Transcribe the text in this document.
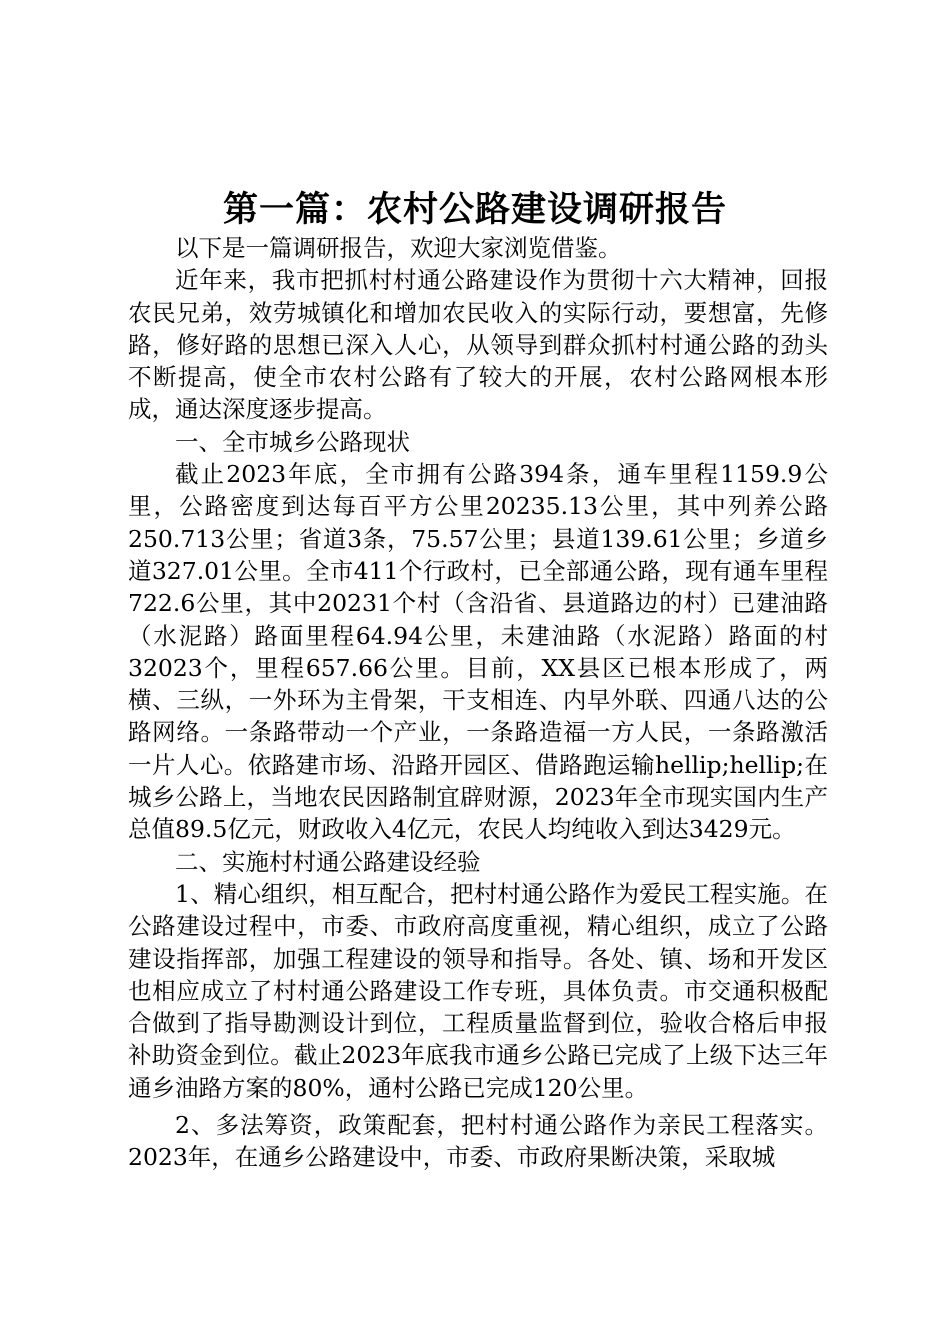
第一篇：农村公路建设调研报告

以下是一篇调研报告，欢迎大家浏览借鉴。

近年来，我市把抓村村通公路建设作为贯彻十六大精神，回报农民兄弟，效劳城镇化和增加农民收入的实际行动，要想富，先修路，修好路的思想已深入人心，从领导到群众抓村村通公路的劲头不断提高，使全市农村公路有了较大的开展，农村公路网根本形成，通达深度逐步提高。

一、全市城乡公路现状

截止2023年底，全市拥有公路394条，通车里程1159.9公里，公路密度到达每百平方公里20235.13公里，其中列养公路250.713公里；省道3条，75.57公里；县道139.61公里；乡道乡道327.01公里。全市411个行政村，已全部通公路，现有通车里程722.6公里，其中20231个村（含沿省、县道路边的村）已建油路（水泥路）路面里程64.94公里，未建油路（水泥路）路面的村32023个，里程657.66公里。目前，XX县区已根本形成了，两横、三纵，一外环为主骨架，干支相连、内早外联、四通八达的公路网络。一条路带动一个产业，一条路造福一方人民，一条路激活一片人心。依路建市场、沿路开园区、借路跑运输hellip;hellip;在城乡公路上，当地农民因路制宜辟财源，2023年全市现实国内生产总值89.5亿元，财政收入4亿元，农民人均纯收入到达3429元。

二、实施村村通公路建设经验

1、精心组织，相互配合，把村村通公路作为爱民工程实施。在公路建设过程中，市委、市政府高度重视，精心组织，成立了公路建设指挥部，加强工程建设的领导和指导。各处、镇、场和开发区也相应成立了村村通公路建设工作专班，具体负责。市交通积极配合做到了指导勘测设计到位，工程质量监督到位，验收合格后申报补助资金到位。截止2023年底我市通乡公路已完成了上级下达三年通乡油路方案的80%，通村公路已完成120公里。

2、多法筹资，政策配套，把村村通公路作为亲民工程落实。2023年，在通乡公路建设中，市委、市政府果断决策，采取城
